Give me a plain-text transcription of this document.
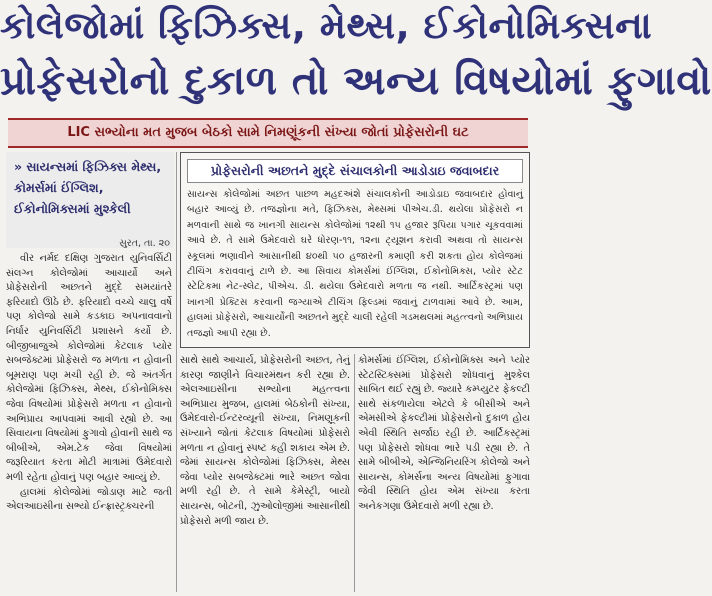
કોલેજોમાં ફિઝિક્સ, મેથ્સ, ઈકોનોમિક્સના
પ્રોફેસરોનો દુકાળ તો અન્ય વિષયોમાં ફુગાવો
LIC સભ્યોના મત મુજબ બેઠકો સામે નિમણૂંકની સંખ્યા જોતાં પ્રોફેસરોની ઘટ
» સાયન્સમાં ફિઝિક્સ મેથ્સ, કોમર્સમાં ઈંગ્લિશ, ઈકોનોમિક્સમાં મુશ્કેલી
સુરત, તા. ૨૦
પ્રોફેસરોની અછતને મુદ્દે સંચાલકોની આડોડાઇ જવાબદાર
સાયન્સ કોલેજોમાં અછત પાછળ મહદઅંશે સંચાલકોની આડોડાઇ જવાબદાર હોવાનું બહાર આવ્યું છે. તજજ્ઞોના મતે, ફિઝિક્સ, મેથ્સમાં પીએચ.ડી. થયેલા પ્રોફેસરો ન મળવાની સાથે જ ખાનગી સાયન્સ કોલેજોમાં ૧૨થી ૧૫ હજાર રૂપિયા પગાર ચૂકવવામાં આવે છે. તે સામે ઉમેદવારો ઘરે ધોરણ-૧૧, ૧૨ના ટ્યૂશન કરાવી અથવા તો સાયન્સ સ્કૂલમાં ભણાવીને આસાનીથી ૪૦થી ૫૦ હજારની કમાણી કરી શકતા હોય કોલેજમાં ટીચિંગ કરાવવાનું ટાળે છે. આ સિવાય કોમર્સમાં ઈંગ્લિશ, ઈકોનોમિક્સ, પ્યોર સ્ટેટ સ્ટેટિકમા નેટ-સ્લેટ, પીએચ. ડી. થયેલા ઉમેદવારો મળતા જ નથી. આર્ટિકસ્ટ્રમાં પણ ખાનગી પ્રેક્ટિસ કરવાની જગ્યાએ ટીચિંગ ફિલ્ડમાં જવાનું ટાળવામાં આવે છે. આમ, હાલમાં પ્રોફેસરો, આચાર્યોની અછતને મુદ્દે ચાલી રહેલી ગડમથલમાં મહત્ત્વનો અભિપ્રાય તજજ્ઞો આપી રહ્યા છે.

વીર નર્મદ દક્ષિણ ગુજરાત યુનિવર્સિટી સંલગ્ન કોલેજોમાં આચાર્યો અને પ્રોફેસરોની અછતને મુદ્દે સમયાંતરે ફરિયાદો ઊઠે છે. ફરિયાદો વચ્ચે ચાલુ વર્ષે પણ કોલેજો સામે કડકાઇ અપનાવવાનો નિર્ધાર યુનિવર્સિટી પ્રશાસને કર્યો છે. બીજીબાજુએ કોલેજોમાં કેટલાક પ્યોર સબજેક્ટમાં પ્રોફેસરો જ મળતા ન હોવાની બૂમરાણ પણ મચી રહી છે. જે અંતર્ગત કોલેજોમાં ફિઝિક્સ, મેથ્સ, ઈકોનોમિક્સ જેવા વિષયોમાં પ્રોફેસરો મળતા ન હોવાનો અભિપ્રાય આપવામાં આવી રહ્યો છે. આ સિવાયના વિષયોમાં ફુગાવો હોવાની સાથે જ બીબીએ, એમ.ટેક જેવા વિષયોમાં જરૂરિયાત કરતા મોટી માત્રામાં ઉમેદવારો મળી રહેતા હોવાનું પણ બહાર આવ્યું છે.

હાલમાં કોલેજોમાં જોડાણ માટે જતી એલઆઇસીના સભ્યો ઈન્ફ્રાસ્ટ્રક્ચરની

સાથે સાથે આચાર્ય, પ્રોફેસરોની અછત, તેનું કારણ જાણીને વિચારમંથન કરી રહ્યા છે. એલઆઇસીના સભ્યોના મહત્ત્વના અભિપ્રાય મુજબ, હાલમાં બેઠકોની સંખ્યા, ઉમેદવારો-ઈન્ટરવ્યૂની સંખ્યા, નિમણૂકની સંખ્યાને જોતાં કેટલાક વિષયોમાં પ્રોફેસરો મળતા ન હોવાનું સ્પષ્ટ કહી શકાય એમ છે. જેમાં સાયન્સ કોલેજોમાં ફિઝિક્સ, મેથ્સ જેવા પ્યોર સબજેક્ટમાં ભારે અછત જોવા મળી રહી છે. તે સામે કેમેસ્ટ્રી, બાયો સાયન્સ, બોટની, ઝુઓલોજીમાં આસાનીથી પ્રોફેસરો મળી જાય છે.

કોમર્સમાં ઈંગ્લિશ, ઈકોનોમિક્સ અને પ્યોર સ્ટેટસ્ટિક્સમાં પ્રોફેસરો શોધવાનું મુશ્કેલ સાબિત થઈ રહ્યું છે. જ્યારે કમ્પ્યુટર ફેકલ્ટી સાથે સંકળાયેલા એટલે કે બીસીએ અને એમસીએ ફેકલ્ટીમાં પ્રોફેસરોનો દુકાળ હોય એવી સ્થિતિ સર્જાઇ રહી છે. આર્ટિકસ્ટ્રમાં પણ પ્રોફેસરો શોધવા ભારે પડી રહ્યા છે. તે સામે બીબીએ, એન્જિનિયરિંગ કોલેજો અને સાયન્સ, કોમર્સના અન્ય વિષયોમાં ફુગાવા જેવી સ્થિતિ હોય એમ સંખ્યા કરતા અનેકગણા ઉમેદવારો મળી રહ્યા છે.
